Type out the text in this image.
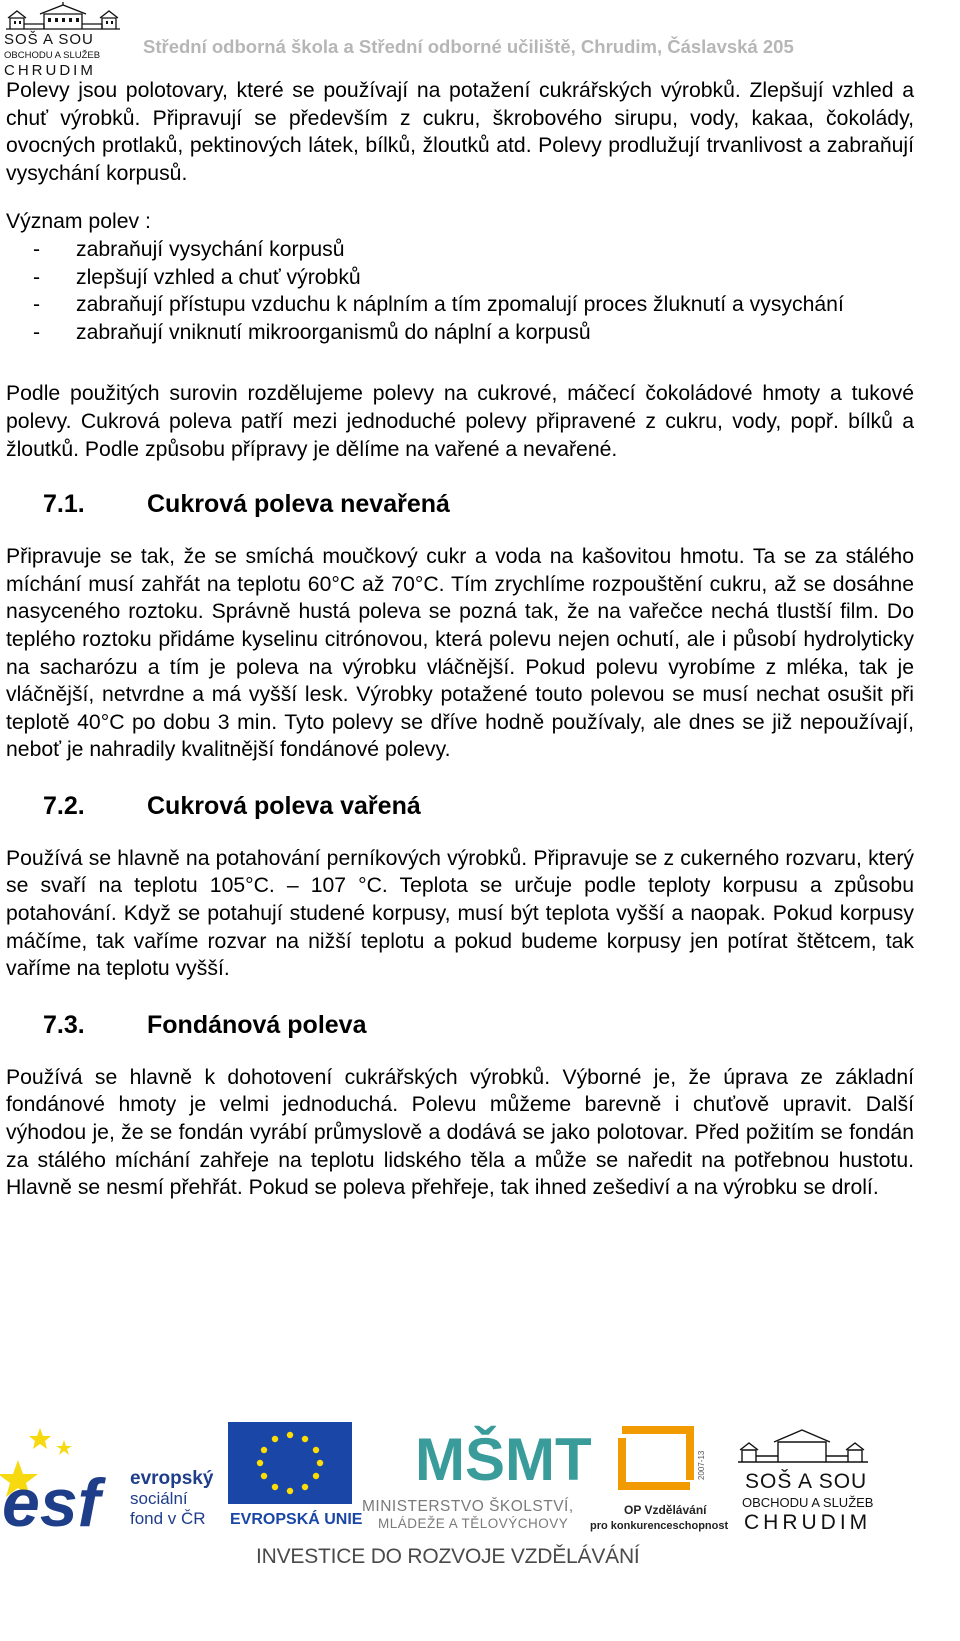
SOŠ A SOU
OBCHODU A SLUŽEB
CHRUDIM
Střední odborná škola a Střední odborné učiliště, Chrudim, Čáslavská 205

Polevy jsou polotovary, které se používají na potažení cukrářských výrobků. Zlepšují vzhled a chuť výrobků. Připravují se především z cukru, škrobového sirupu, vody, kakaa, čokolády, ovocných protlaků, pektinových látek, bílků, žloutků atd. Polevy prodlužují trvanlivost a zabraňují vysychání korpusů.

Význam polev :

- zabraňují vysychání korpusů
- zlepšují vzhled a chuť výrobků
- zabraňují přístupu vzduchu k náplním a tím zpomalují proces žluknutí a vysychání
- zabraňují vniknutí mikroorganismů do náplní a korpusů

Podle použitých surovin rozdělujeme polevy na cukrové, máčecí čokoládové hmoty a tukové polevy. Cukrová poleva patří mezi jednoduché polevy připravené z cukru, vody, popř. bílků a žloutků. Podle způsobu přípravy je dělíme na vařené a nevařené.

7.1. Cukrová poleva nevařená

Připravuje se tak, že se smíchá moučkový cukr a voda na kašovitou hmotu. Ta se za stálého míchání musí zahřát na teplotu 60°C až 70°C. Tím zrychlíme rozpouštění cukru, až se dosáhne nasyceného roztoku. Správně hustá poleva se pozná tak, že na vařečce nechá tlustší film. Do teplého roztoku přidáme kyselinu citrónovou, která polevu nejen ochutí, ale i působí hydrolyticky na sacharózu a tím je poleva na výrobku vláčnější. Pokud polevu vyrobíme z mléka, tak je vláčnější, netvrdne a má vyšší lesk. Výrobky potažené touto polevou se musí nechat osušit při teplotě 40°C po dobu 3 min. Tyto polevy se dříve hodně používaly, ale dnes se již nepoužívají, neboť je nahradily kvalitnější fondánové polevy.

7.2. Cukrová poleva vařená

Používá se hlavně na potahování perníkových výrobků. Připravuje se z cukerného rozvaru, který se svaří na teplotu 105°C. – 107 °C. Teplota se určuje podle teploty korpusu a způsobu potahování. Když se potahují studené korpusy, musí být teplota vyšší a naopak. Pokud korpusy máčíme, tak vaříme rozvar na nižší teplotu a pokud budeme korpusy jen potírat štětcem, tak vaříme na teplotu vyšší.

7.3. Fondánová poleva

Používá se hlavně k dohotovení cukrářských výrobků. Výborné je, že úprava ze základní fondánové hmoty je velmi jednoduchá. Polevu můžeme barevně i chuťově upravit. Další výhodou je, že se fondán vyrábí průmyslově a dodává se jako polotovar. Před požitím se fondán za stálého míchání zahřeje na teplotu lidského těla a může se naředit na potřebnou hustotu. Hlavně se nesmí přehřát. Pokud se poleva přehřeje, tak ihned zešediví a na výrobku se drolí.

esf	evropský
sociální
fond v ČR EVROPSKÁ UNIE
MŠMT
MINISTERSTVO ŠKOLSTVÍ,
MLÁDEŽE A TĚLOVÝCHOVY
2007-13
OP Vzdělávání
pro konkurenceschopnost
SOŠ A SOU
OBCHODU A SLUŽEB
CHRUDIM
INVESTICE DO ROZVOJE VZDĚLÁVÁNÍ
